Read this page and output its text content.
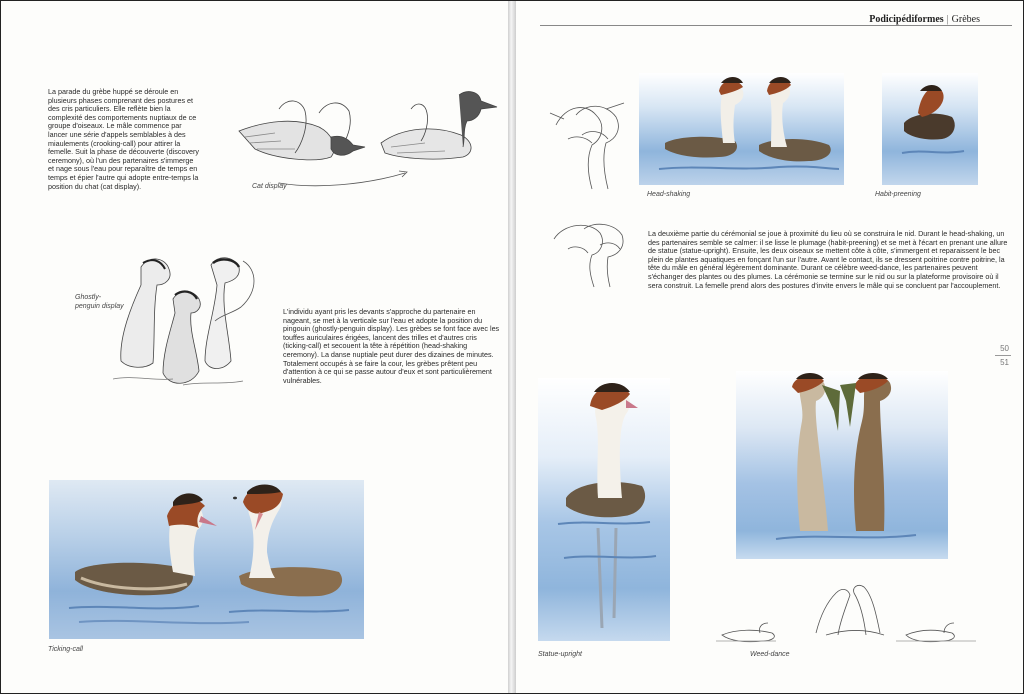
La parade du grèbe huppé se déroule en plusieurs phases comprenant des postures et des cris particuliers. Elle reflète bien la complexité des comportements nuptiaux de ce groupe d'oiseaux. Le mâle commence par lancer une série d'appels semblables à des miaulements (crooking-call) pour attirer la femelle. Suit la phase de découverte (discovery ceremony), où l'un des partenaires s'immerge et nage sous l'eau pour reparaître de temps en temps et épier l'autre qui adopte entre-temps la position du chat (cat display).	Cat display

Ghostly-penguin display

L'individu ayant pris les devants s'approche du partenaire en nageant, se met à la verticale sur l'eau et adopte la position du pingouin (ghostly-penguin display). Les grèbes se font face avec les touffes auriculaires érigées, lancent des trilles et d'autres cris (ticking-call) et secouent la tête à répétition (head-shaking ceremony). La danse nuptiale peut durer des dizaines de minutes. Totalement occupés à se faire la cour, les grèbes prêtent peu d'attention à ce qui se passe autour d'eux et sont particulièrement vulnérables.

Ticking-call

Podicipédiformes | Grèbes

Head-shaking	Habit-preening

La deuxième partie du cérémonial se joue à proximité du lieu où se construira le nid. Durant le head-shaking, un des partenaires semble se calmer: il se lisse le plumage (habit-preening) et se met à l'écart en prenant une allure de statue (statue-upright). Ensuite, les deux oiseaux se mettent côte à côte, s'immergent et reparaissent le bec plein de plantes aquatiques en fonçant l'un sur l'autre. Avant le contact, ils se dressent poitrine contre poitrine, la tête du mâle en général légèrement dominante. Durant ce célèbre weed-dance, les partenaires peuvent s'échanger des plantes ou des plumes. La cérémonie se termine sur le nid ou sur la plateforme provisoire où il sera construit. La femelle prend alors des postures d'invite envers le mâle qui se concluent par l'accouplement.

50
51

Statue-upright	Weed-dance
